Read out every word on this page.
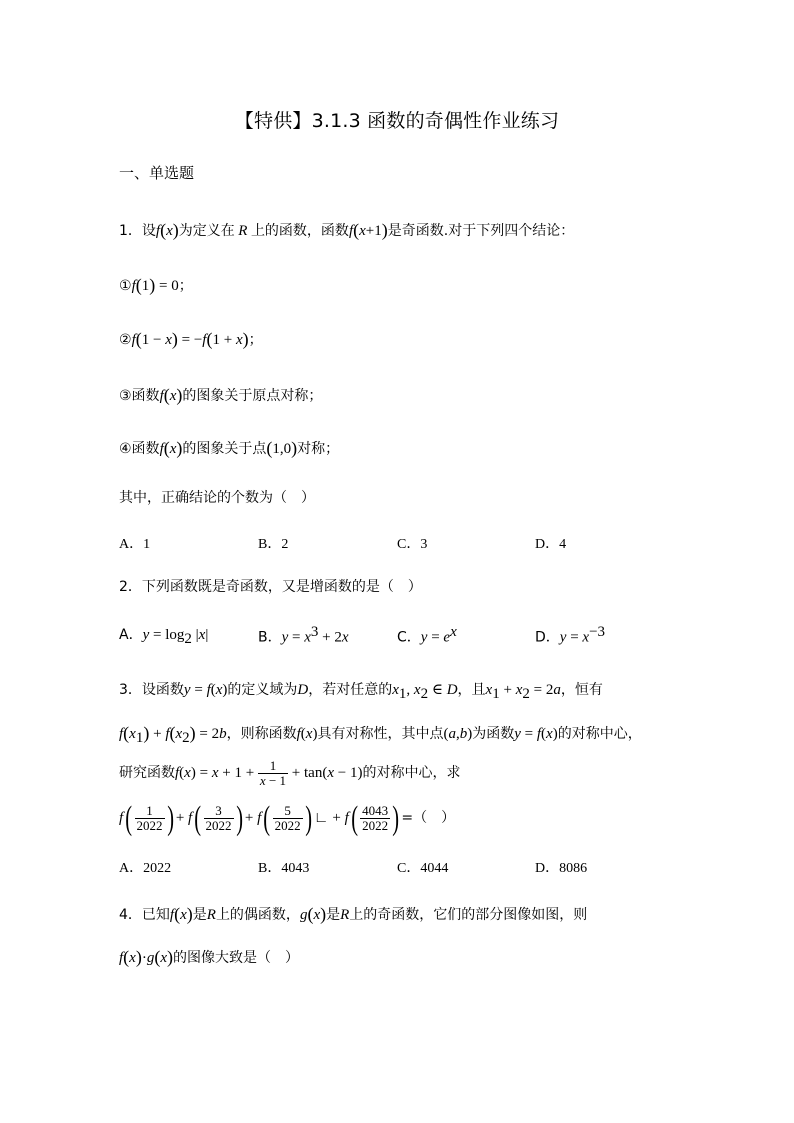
【特供】3.1.3 函数的奇偶性作业练习
一、单选题
1．设f(x)为定义在 R 上的函数，函数f(x+1)是奇函数.对于下列四个结论：
①f(1) = 0；
②f(1 − x) = −f(1 + x)；
③函数f(x)的图象关于原点对称；
④函数f(x)的图象关于点(1,0)对称；
其中，正确结论的个数为（　）
A．1	B．2	C．3	D．4
2．下列函数既是奇函数，又是增函数的是（　）
A．$y = \log_2 |x|$	B．$y = x^3 + 2x$	C．$y = e^x$	D．$y = x^{-3}$
3．设函数y = f(x)的定义域为D，若对任意的$x_1$, $x_2$ ∈ D，且$x_1 + x_2 = 2a$，恒有
$f(x_1) + f(x_2) = 2b$，则称函数f(x)具有对称性，其中点(a,b)为函数y = f(x)的对称中心，
研究函数$f(x) = x + 1 + \frac{1}{x - 1} + \tan(x - 1)$的对称中心，求
$f( \frac{1}{2022}$ ) + $f( \frac{3}{2022}$ ) + $f( \frac{5}{2022}$ ) ∟ + $f( \frac{4043}{2022}$ ) =（　）
A．2022	B．4043	C．4044	D．8086
4．已知f(x)是R上的偶函数，g(x)是R上的奇函数，它们的部分图像如图，则
f(x)·g(x)的图像大致是（　）
